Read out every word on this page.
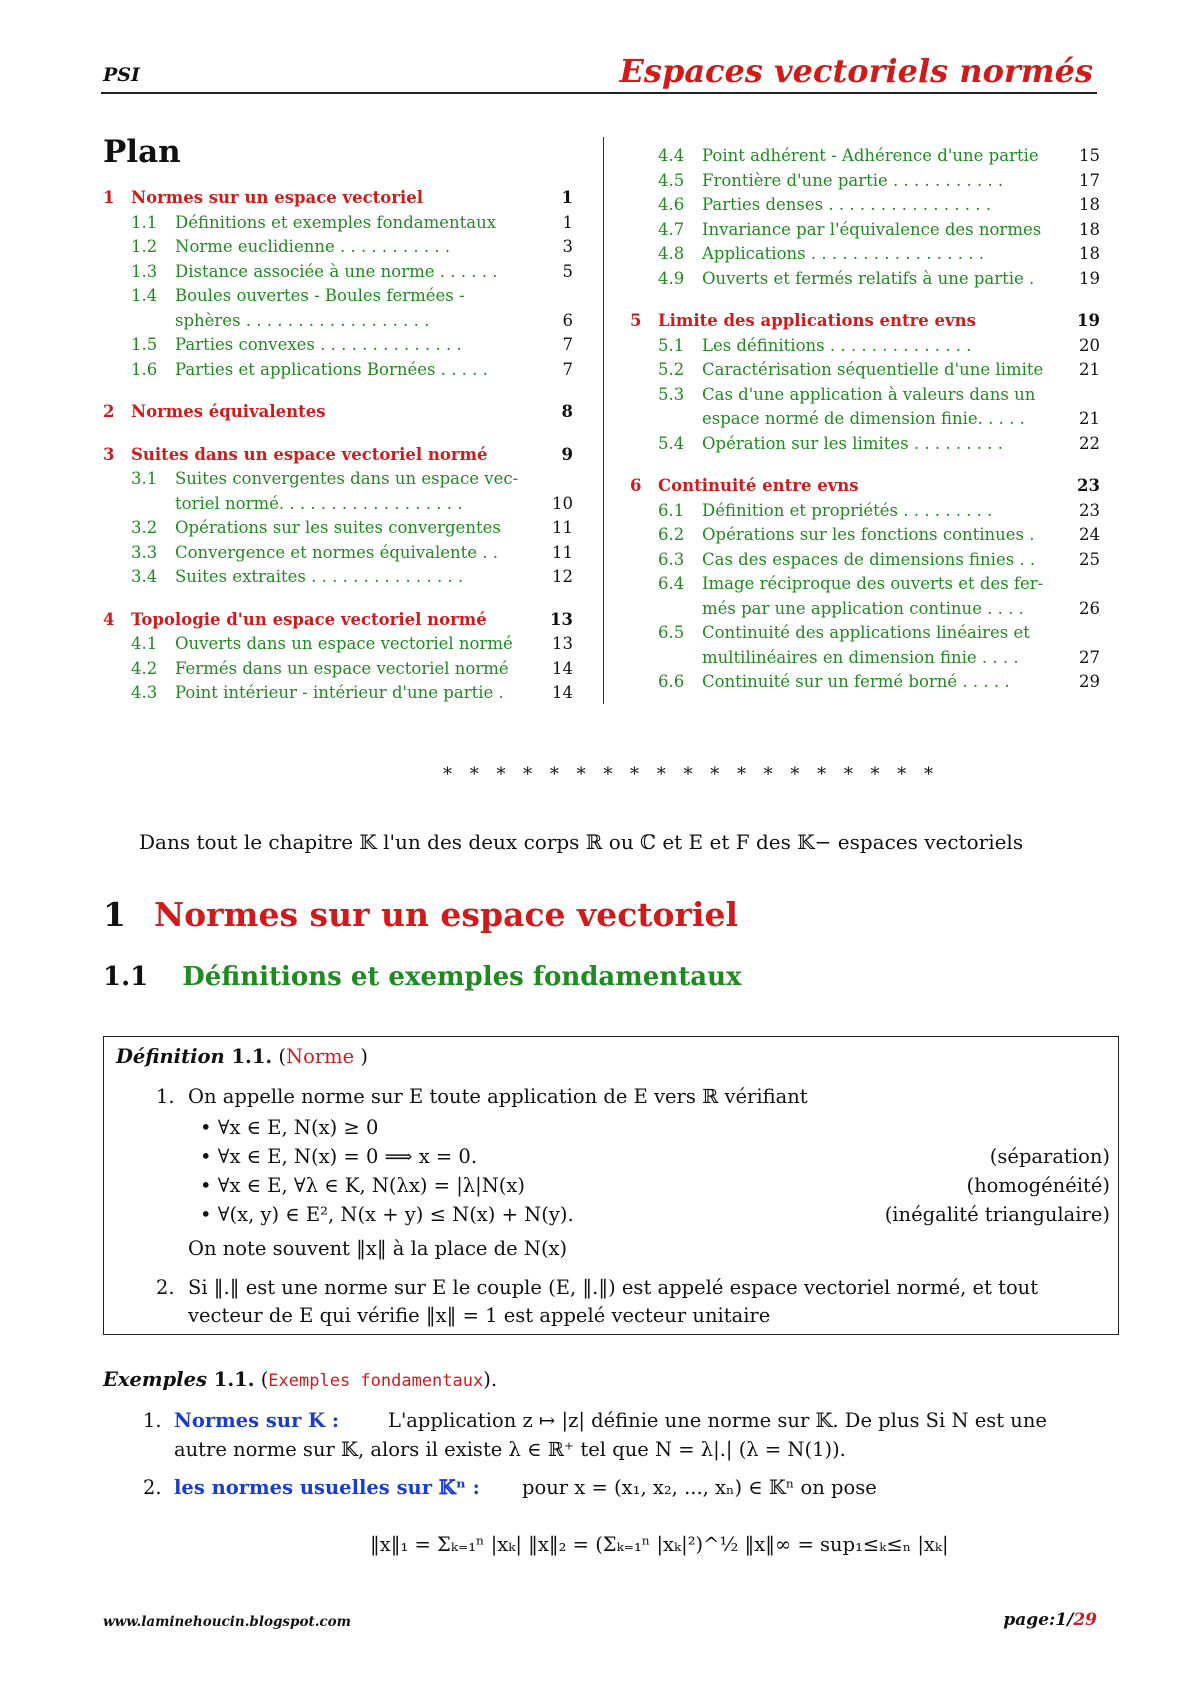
PSI	Espaces vectoriels normés
Plan
1 Normes sur un espace vectoriel	1
1.1 Définitions et exemples fondamentaux	1
1.2 Norme euclidienne . . . . . . . . . . .	3
1.3 Distance associée à une norme . . . . . .	5
1.4 Boules ouvertes - Boules fermées -
sphères . . . . . . . . . . . . . . . . . .	6
1.5 Parties convexes . . . . . . . . . . . . . .	7
1.6 Parties et applications Bornées . . . . .	7
2 Normes équivalentes	8
3 Suites dans un espace vectoriel normé	9
3.1 Suites convergentes dans un espace vec-
toriel normé. . . . . . . . . . . . . . . . . .	10
3.2 Opérations sur les suites convergentes	11
3.3 Convergence et normes équivalente . .	11
3.4 Suites extraites . . . . . . . . . . . . . . .	12
4 Topologie d'un espace vectoriel normé	13
4.1 Ouverts dans un espace vectoriel normé	13
4.2 Fermés dans un espace vectoriel normé	14
4.3 Point intérieur - intérieur d'une partie .	14
4.4 Point adhérent - Adhérence d'une partie	15
4.5 Frontière d'une partie . . . . . . . . . . .	17
4.6 Parties denses . . . . . . . . . . . . . . . .	18
4.7 Invariance par l'équivalence des normes	18
4.8 Applications . . . . . . . . . . . . . . . . .	18
4.9 Ouverts et fermés relatifs à une partie .	19
5 Limite des applications entre evns	19
5.1 Les définitions . . . . . . . . . . . . . .	20
5.2 Caractérisation séquentielle d'une limite	21
5.3 Cas d'une application à valeurs dans un
espace normé de dimension finie. . . . .	21
5.4 Opération sur les limites . . . . . . . . .	22
6 Continuité entre evns	23
6.1 Définition et propriétés . . . . . . . . .	23
6.2 Opérations sur les fonctions continues .	24
6.3 Cas des espaces de dimensions finies . .	25
6.4 Image réciproque des ouverts et des fer-
més par une application continue . . . .	26
6.5 Continuité des applications linéaires et
multilinéaires en dimension finie . . . .	27
6.6 Continuité sur un fermé borné . . . . .	29
* * * * * * * * * * * * * * * * * * *
Dans tout le chapitre 𝕂 l'un des deux corps ℝ ou ℂ et E et F des 𝕂− espaces vectoriels
1 Normes sur un espace vectoriel
1.1 Définitions et exemples fondamentaux
Définition 1.1. (Norme )
1. On appelle norme sur E toute application de E vers ℝ vérifiant
• ∀x ∈ E, N(x) ≥ 0
• ∀x ∈ E, N(x) = 0 ⟹ x = 0.	(séparation)
• ∀x ∈ E, ∀λ ∈ K, N(λx) = |λ|N(x)	(homogénéité)
• ∀(x, y) ∈ E², N(x + y) ≤ N(x) + N(y).	(inégalité triangulaire)
On note souvent ‖x‖ à la place de N(x)
2. Si ‖.‖ est une norme sur E le couple (E, ‖.‖) est appelé espace vectoriel normé, et tout
vecteur de E qui vérifie ‖x‖ = 1 est appelé vecteur unitaire
Exemples 1.1. (Exemples fondamentaux).
1. Normes sur K :	L'application z ↦ |z| définie une norme sur 𝕂. De plus Si N est une
autre norme sur 𝕂, alors il existe λ ∈ ℝ⁺ tel que N = λ|.| (λ = N(1)).
2. les normes usuelles sur 𝕂ⁿ : pour x = (x₁, x₂, ..., xₙ) ∈ 𝕂ⁿ on pose
‖x‖₁ = Σₖ₌₁ⁿ |xₖ| ‖x‖₂ = (Σₖ₌₁ⁿ |xₖ|²)^½ ‖x‖∞ = sup₁≤ₖ≤ₙ |xₖ|
www.laminehoucin.blogspot.com	page:1/29
